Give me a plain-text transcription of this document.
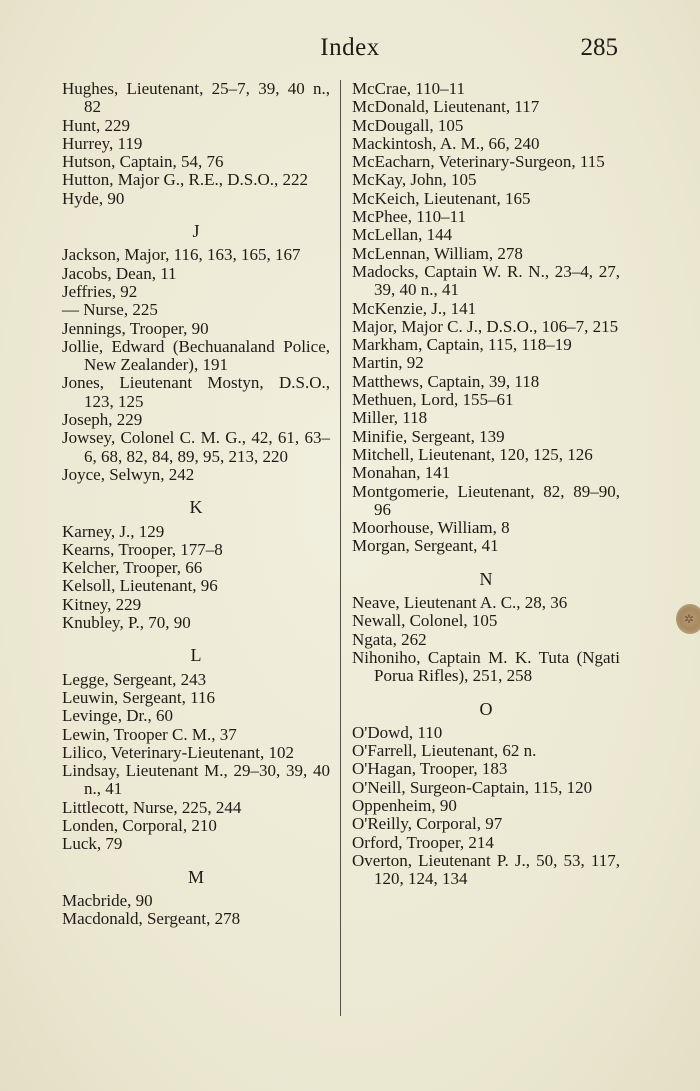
Index	285
Hughes, Lieutenant, 25–7, 39, 40 n., 82
Hunt, 229
Hurrey, 119
Hutson, Captain, 54, 76
Hutton, Major G., R.E., D.S.O., 222
Hyde, 90
J
Jackson, Major, 116, 163, 165, 167
Jacobs, Dean, 11
Jeffries, 92
— Nurse, 225
Jennings, Trooper, 90
Jollie, Edward (Bechuanaland Police, New Zealander), 191
Jones, Lieutenant Mostyn, D.S.O., 123, 125
Joseph, 229
Jowsey, Colonel C. M. G., 42, 61, 63–6, 68, 82, 84, 89, 95, 213, 220
Joyce, Selwyn, 242
K
Karney, J., 129
Kearns, Trooper, 177–8
Kelcher, Trooper, 66
Kelsoll, Lieutenant, 96
Kitney, 229
Knubley, P., 70, 90
L
Legge, Sergeant, 243
Leuwin, Sergeant, 116
Levinge, Dr., 60
Lewin, Trooper C. M., 37
Lilico, Veterinary-Lieutenant, 102
Lindsay, Lieutenant M., 29–30, 39, 40 n., 41
Littlecott, Nurse, 225, 244
Londen, Corporal, 210
Luck, 79
M
Macbride, 90
Macdonald, Sergeant, 278
McCrae, 110–11
McDonald, Lieutenant, 117
McDougall, 105
Mackintosh, A. M., 66, 240
McEacharn, Veterinary-Surgeon, 115
McKay, John, 105
McKeich, Lieutenant, 165
McPhee, 110–11
McLellan, 144
McLennan, William, 278
Madocks, Captain W. R. N., 23–4, 27, 39, 40 n., 41
McKenzie, J., 141
Major, Major C. J., D.S.O., 106–7, 215
Markham, Captain, 115, 118–19
Martin, 92
Matthews, Captain, 39, 118
Methuen, Lord, 155–61
Miller, 118
Minifie, Sergeant, 139
Mitchell, Lieutenant, 120, 125, 126
Monahan, 141
Montgomerie, Lieutenant, 82, 89–90, 96
Moorhouse, William, 8
Morgan, Sergeant, 41
N
Neave, Lieutenant A. C., 28, 36
Newall, Colonel, 105
Ngata, 262
Nihoniho, Captain M. K. Tuta (Ngati Porua Rifles), 251, 258
O
O'Dowd, 110
O'Farrell, Lieutenant, 62 n.
O'Hagan, Trooper, 183
O'Neill, Surgeon-Captain, 115, 120
Oppenheim, 90
O'Reilly, Corporal, 97
Orford, Trooper, 214
Overton, Lieutenant P. J., 50, 53, 117, 120, 124, 134
✲
